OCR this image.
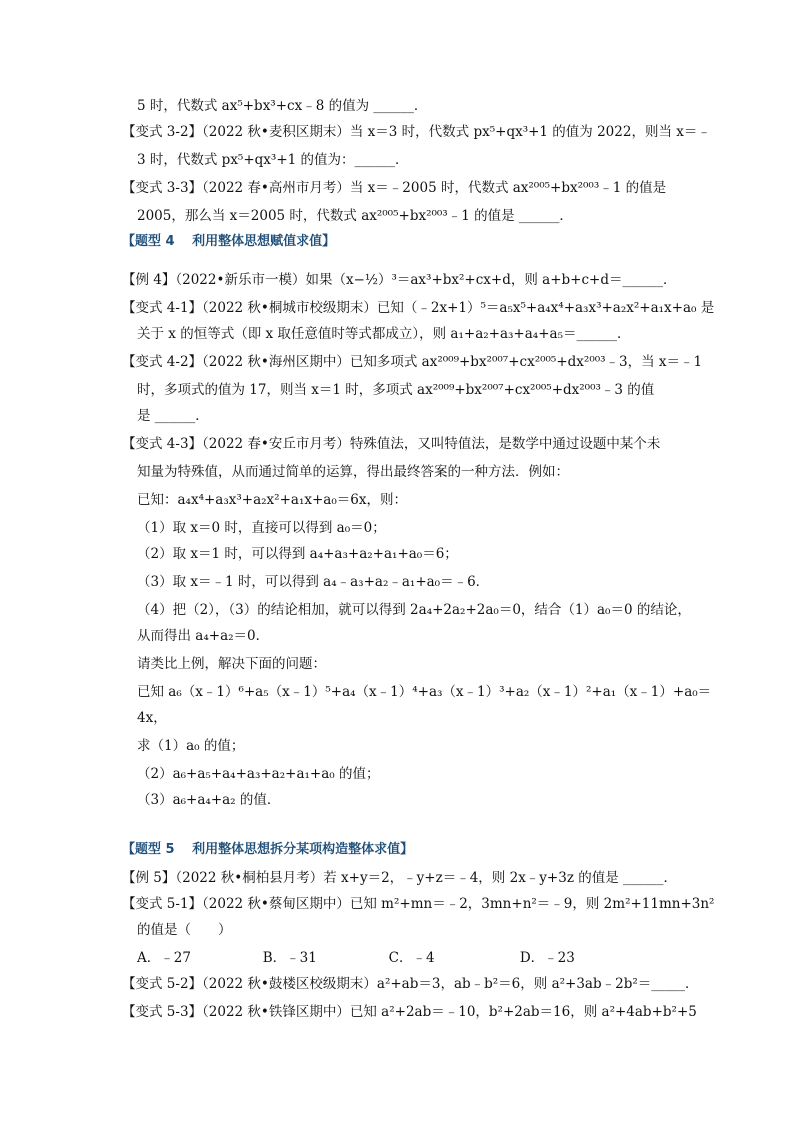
5 时，代数式 ax⁵+bx³+cx﹣8 的值为 ______．
【变式 3-2】（2022 秋•麦积区期末）当 x＝3 时，代数式 px⁵+qx³+1 的值为 2022，则当 x＝﹣
3 时，代数式 px⁵+qx³+1 的值为：______．
【变式 3-3】（2022 春•高州市月考）当 x＝﹣2005 时，代数式 ax²⁰⁰⁵+bx²⁰⁰³﹣1 的值是
2005，那么当 x＝2005 时，代数式 ax²⁰⁰⁵+bx²⁰⁰³﹣1 的值是 ______．
【题型 4　 利用整体思想赋值求值】
【例 4】（2022•新乐市一模）如果（x−½）³＝ax³+bx²+cx+d，则 a+b+c+d＝______．
【变式 4-1】（2022 秋•桐城市校级期末）已知（﹣2x+1）⁵＝a₅x⁵+a₄x⁴+a₃x³+a₂x²+a₁x+a₀ 是
关于 x 的恒等式（即 x 取任意值时等式都成立），则 a₁+a₂+a₃+a₄+a₅＝______．
【变式 4-2】（2022 秋•海州区期中）已知多项式 ax²⁰⁰⁹+bx²⁰⁰⁷+cx²⁰⁰⁵+dx²⁰⁰³﹣3，当 x＝﹣1
时，多项式的值为 17，则当 x＝1 时，多项式 ax²⁰⁰⁹+bx²⁰⁰⁷+cx²⁰⁰⁵+dx²⁰⁰³﹣3 的值
是 ______．
【变式 4-3】（2022 春•安丘市月考）特殊值法，又叫特值法，是数学中通过设题中某个未
知量为特殊值，从而通过简单的运算，得出最终答案的一种方法．例如：
已知：a₄x⁴+a₃x³+a₂x²+a₁x+a₀＝6x，则：
（1）取 x＝0 时，直接可以得到 a₀＝0；
（2）取 x＝1 时，可以得到 a₄+a₃+a₂+a₁+a₀＝6；
（3）取 x＝﹣1 时，可以得到 a₄﹣a₃+a₂﹣a₁+a₀＝﹣6．
（4）把（2），（3）的结论相加，就可以得到 2a₄+2a₂+2a₀＝0，结合（1）a₀＝0 的结论，
从而得出 a₄+a₂＝0．
请类比上例，解决下面的问题：
已知 a₆（x﹣1）⁶+a₅（x﹣1）⁵+a₄（x﹣1）⁴+a₃（x﹣1）³+a₂（x﹣1）²+a₁（x﹣1）+a₀＝
4x，
求（1）a₀ 的值；
（2）a₆+a₅+a₄+a₃+a₂+a₁+a₀ 的值；
（3）a₆+a₄+a₂ 的值．
【题型 5　 利用整体思想拆分某项构造整体求值】
【例 5】（2022 秋•桐柏县月考）若 x+y＝2，﹣y+z＝﹣4，则 2x﹣y+3z 的值是 ______．
【变式 5-1】（2022 秋•蔡甸区期中）已知 m²+mn＝﹣2，3mn+n²＝﹣9，则 2m²+11mn+3n²
的值是（　　）
A．﹣27　　　　　 B．﹣31　　　　　 C．﹣4　　　　　　 D．﹣23
【变式 5-2】（2022 秋•鼓楼区校级期末）a²+ab＝3，ab﹣b²＝6，则 a²+3ab﹣2b²＝_____．
【变式 5-3】（2022 秋•铁锋区期中）已知 a²+2ab＝﹣10，b²+2ab＝16，则 a²+4ab+b²+5
